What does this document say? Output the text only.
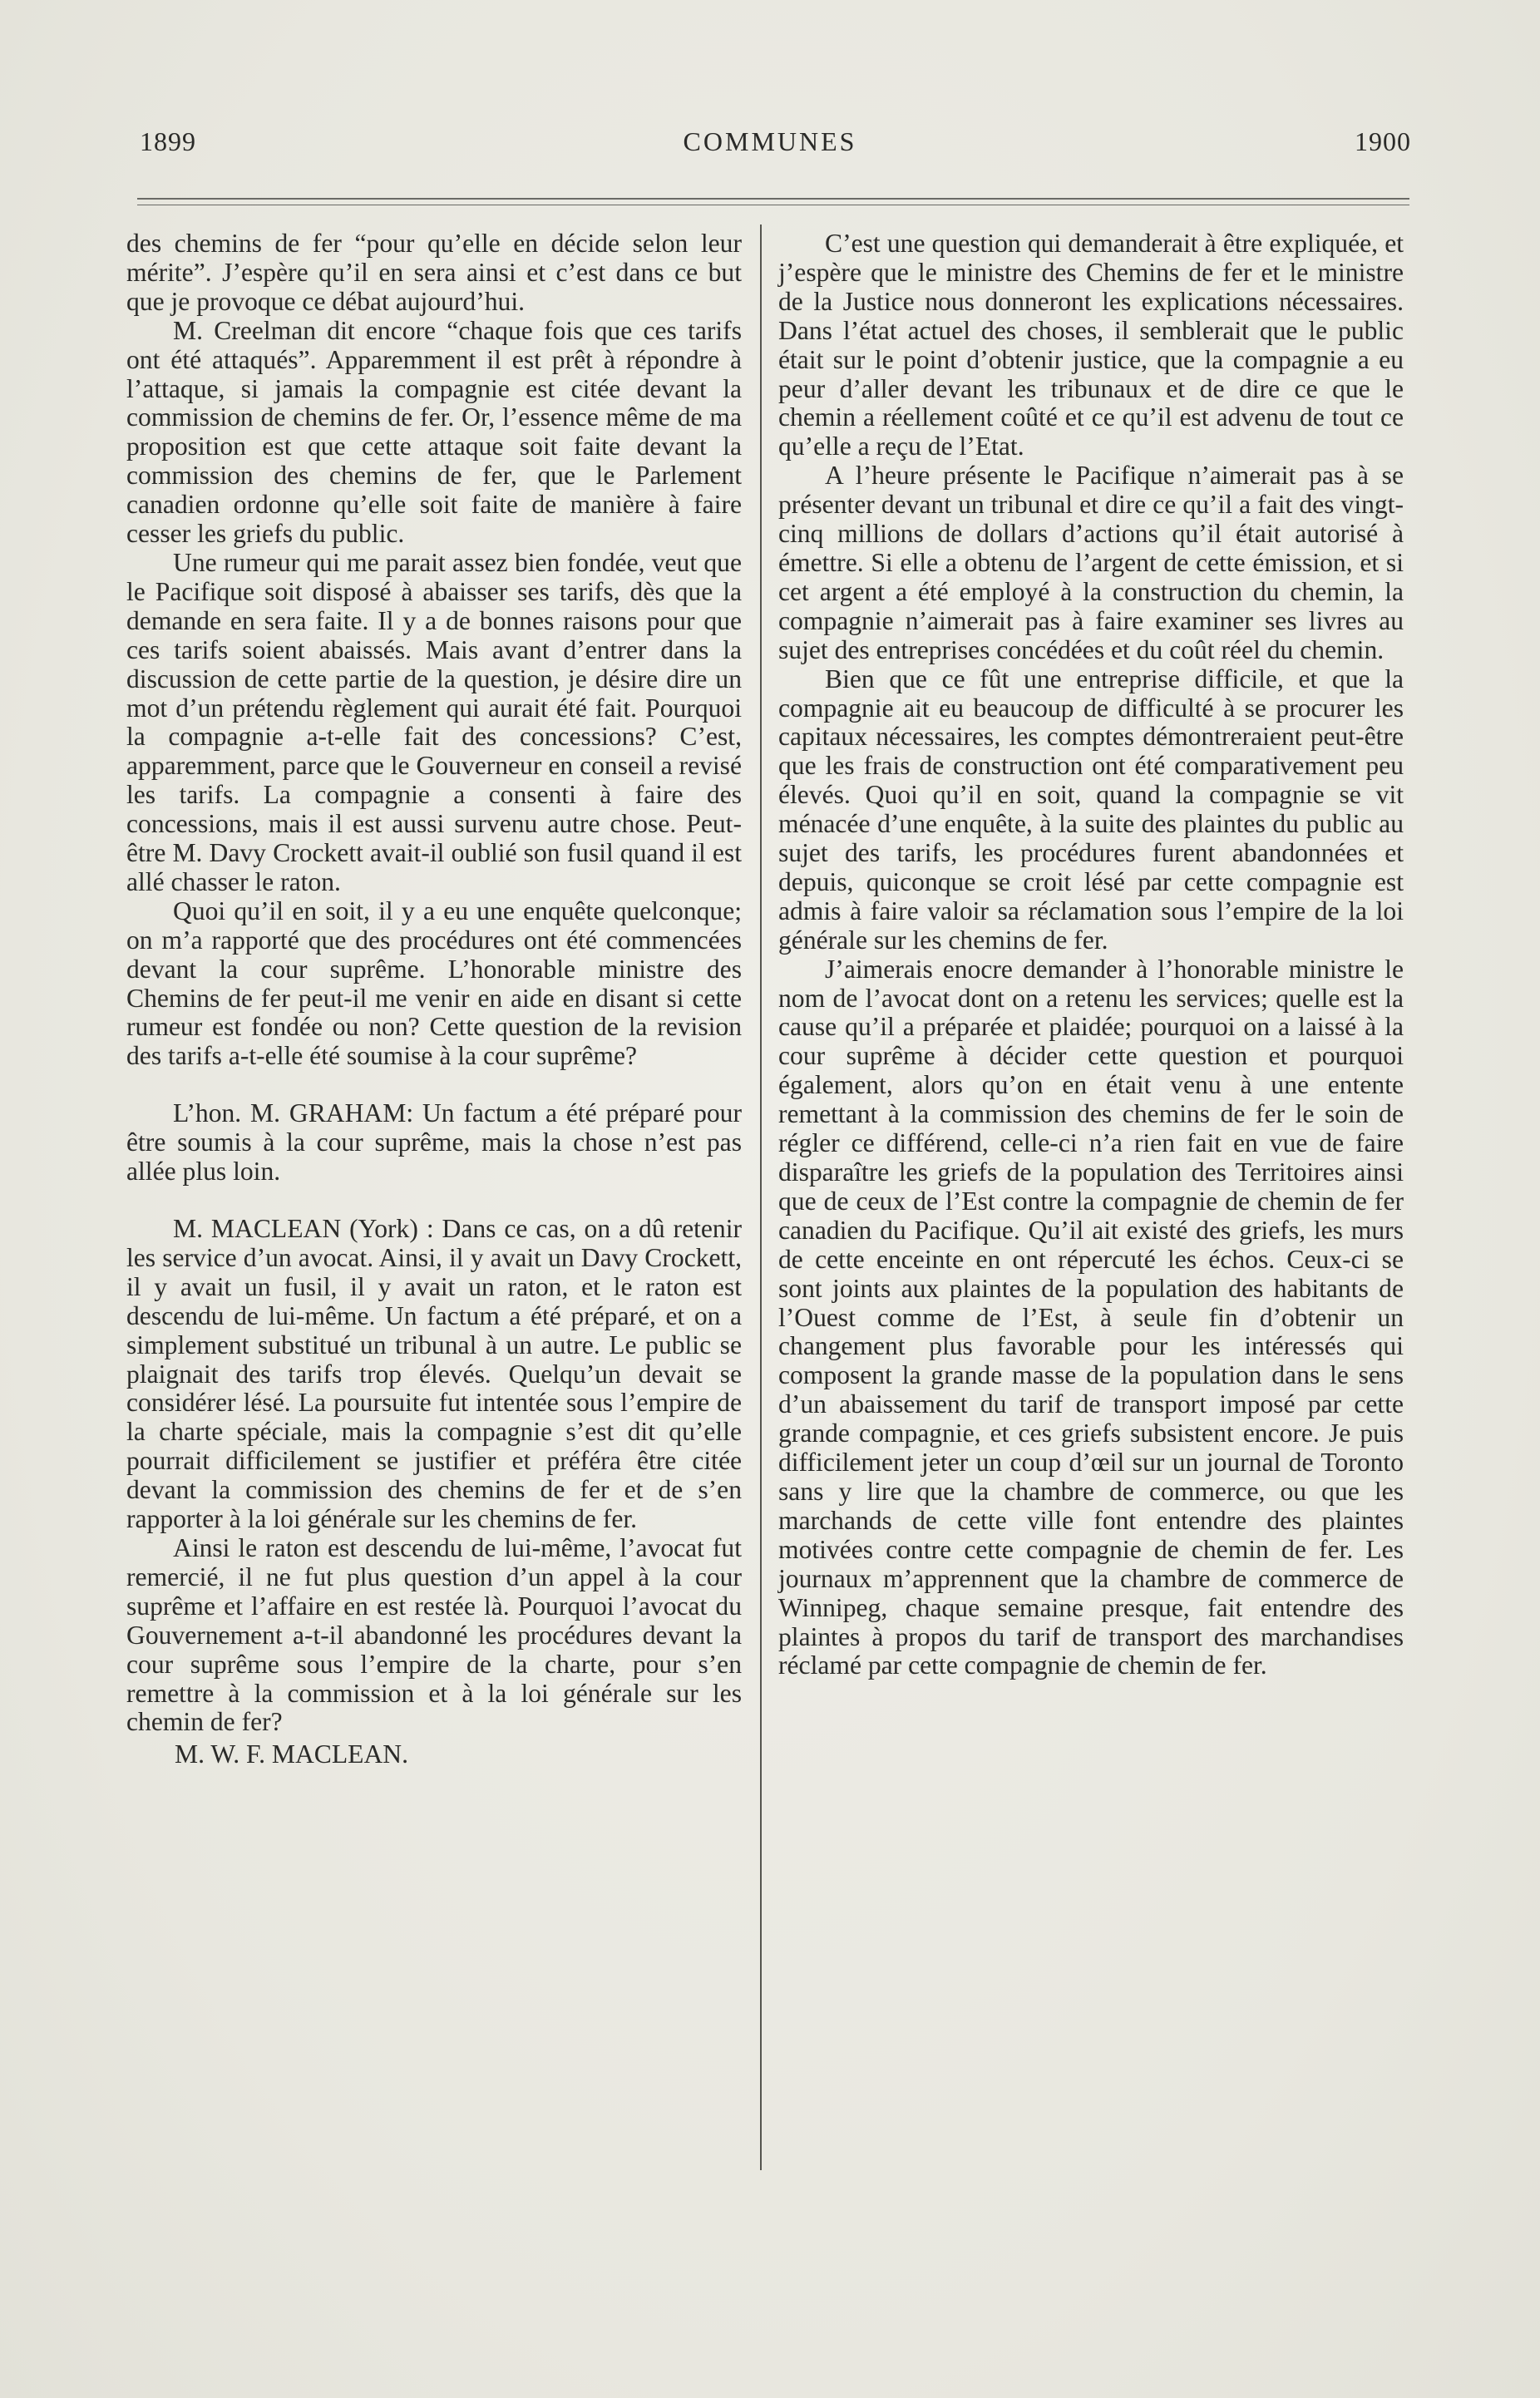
1899	COMMUNES	1900

des chemins de fer “pour qu’elle en décide selon leur mérite”. J’espère qu’il en sera ainsi et c’est dans ce but que je provoque ce débat aujourd’hui.

M. Creelman dit encore “chaque fois que ces tarifs ont été attaqués”. Apparemment il est prêt à répondre à l’attaque, si jamais la compagnie est citée devant la commission de chemins de fer. Or, l’essence même de ma proposition est que cette attaque soit faite devant la commission des chemins de fer, que le Parlement canadien ordonne qu’elle soit faite de manière à faire cesser les griefs du public.

Une rumeur qui me parait assez bien fondée, veut que le Pacifique soit disposé à abaisser ses tarifs, dès que la demande en sera faite. Il y a de bonnes raisons pour que ces tarifs soient abaissés. Mais avant d’entrer dans la discussion de cette partie de la question, je désire dire un mot d’un prétendu règlement qui aurait été fait. Pourquoi la compagnie a-t-elle fait des concessions? C’est, apparemment, parce que le Gouverneur en conseil a revisé les tarifs. La compagnie a consenti à faire des concessions, mais il est aussi survenu autre chose. Peut-être M. Davy Crockett avait-il oublié son fusil quand il est allé chasser le raton.

Quoi qu’il en soit, il y a eu une enquête quelconque; on m’a rapporté que des procédures ont été commencées devant la cour suprême. L’honorable ministre des Chemins de fer peut-il me venir en aide en disant si cette rumeur est fondée ou non? Cette question de la revision des tarifs a-t-elle été soumise à la cour suprême?

L’hon. M. GRAHAM: Un factum a été préparé pour être soumis à la cour suprême, mais la chose n’est pas allée plus loin.

M. MACLEAN (York) : Dans ce cas, on a dû retenir les service d’un avocat. Ainsi, il y avait un Davy Crockett, il y avait un fusil, il y avait un raton, et le raton est descendu de lui-même. Un factum a été préparé, et on a simplement substitué un tribunal à un autre. Le public se plaignait des tarifs trop élevés. Quelqu’un devait se considérer lésé. La poursuite fut intentée sous l’empire de la charte spéciale, mais la compagnie s’est dit qu’elle pourrait difficilement se justifier et préféra être citée devant la commission des chemins de fer et de s’en rapporter à la loi générale sur les chemins de fer.

Ainsi le raton est descendu de lui-même, l’avocat fut remercié, il ne fut plus question d’un appel à la cour suprême et l’affaire en est restée là. Pourquoi l’avocat du Gouvernement a-t-il abandonné les procédures devant la cour suprême sous l’empire de la charte, pour s’en remettre à la commission et à la loi générale sur les chemin de fer?

M. W. F. MACLEAN.

C’est une question qui demanderait à être expliquée, et j’espère que le ministre des Chemins de fer et le ministre de la Justice nous donneront les explications nécessaires. Dans l’état actuel des choses, il semblerait que le public était sur le point d’obtenir justice, que la compagnie a eu peur d’aller devant les tribunaux et de dire ce que le chemin a réellement coûté et ce qu’il est advenu de tout ce qu’elle a reçu de l’Etat.

A l’heure présente le Pacifique n’aimerait pas à se présenter devant un tribunal et dire ce qu’il a fait des vingt-cinq millions de dollars d’actions qu’il était autorisé à émettre. Si elle a obtenu de l’argent de cette émission, et si cet argent a été employé à la construction du chemin, la compagnie n’aimerait pas à faire examiner ses livres au sujet des entreprises concédées et du coût réel du chemin.

Bien que ce fût une entreprise difficile, et que la compagnie ait eu beaucoup de difficulté à se procurer les capitaux nécessaires, les comptes démontreraient peut-être que les frais de construction ont été comparativement peu élevés. Quoi qu’il en soit, quand la compagnie se vit ménacée d’une enquête, à la suite des plaintes du public au sujet des tarifs, les procédures furent abandonnées et depuis, quiconque se croit lésé par cette compagnie est admis à faire valoir sa réclamation sous l’empire de la loi générale sur les chemins de fer.

J’aimerais enocre demander à l’honorable ministre le nom de l’avocat dont on a retenu les services; quelle est la cause qu’il a préparée et plaidée; pourquoi on a laissé à la cour suprême à décider cette question et pourquoi également, alors qu’on en était venu à une entente remettant à la commission des chemins de fer le soin de régler ce différend, celle-ci n’a rien fait en vue de faire disparaître les griefs de la population des Territoires ainsi que de ceux de l’Est contre la compagnie de chemin de fer canadien du Pacifique. Qu’il ait existé des griefs, les murs de cette enceinte en ont répercuté les échos. Ceux-ci se sont joints aux plaintes de la population des habitants de l’Ouest comme de l’Est, à seule fin d’obtenir un changement plus favorable pour les intéressés qui composent la grande masse de la population dans le sens d’un abaissement du tarif de transport imposé par cette grande compagnie, et ces griefs subsistent encore. Je puis difficilement jeter un coup d’œil sur un journal de Toronto sans y lire que la chambre de commerce, ou que les marchands de cette ville font entendre des plaintes motivées contre cette compagnie de chemin de fer. Les journaux m’apprennent que la chambre de commerce de Winnipeg, chaque semaine presque, fait entendre des plaintes à propos du tarif de transport des marchandises réclamé par cette compagnie de chemin de fer.
